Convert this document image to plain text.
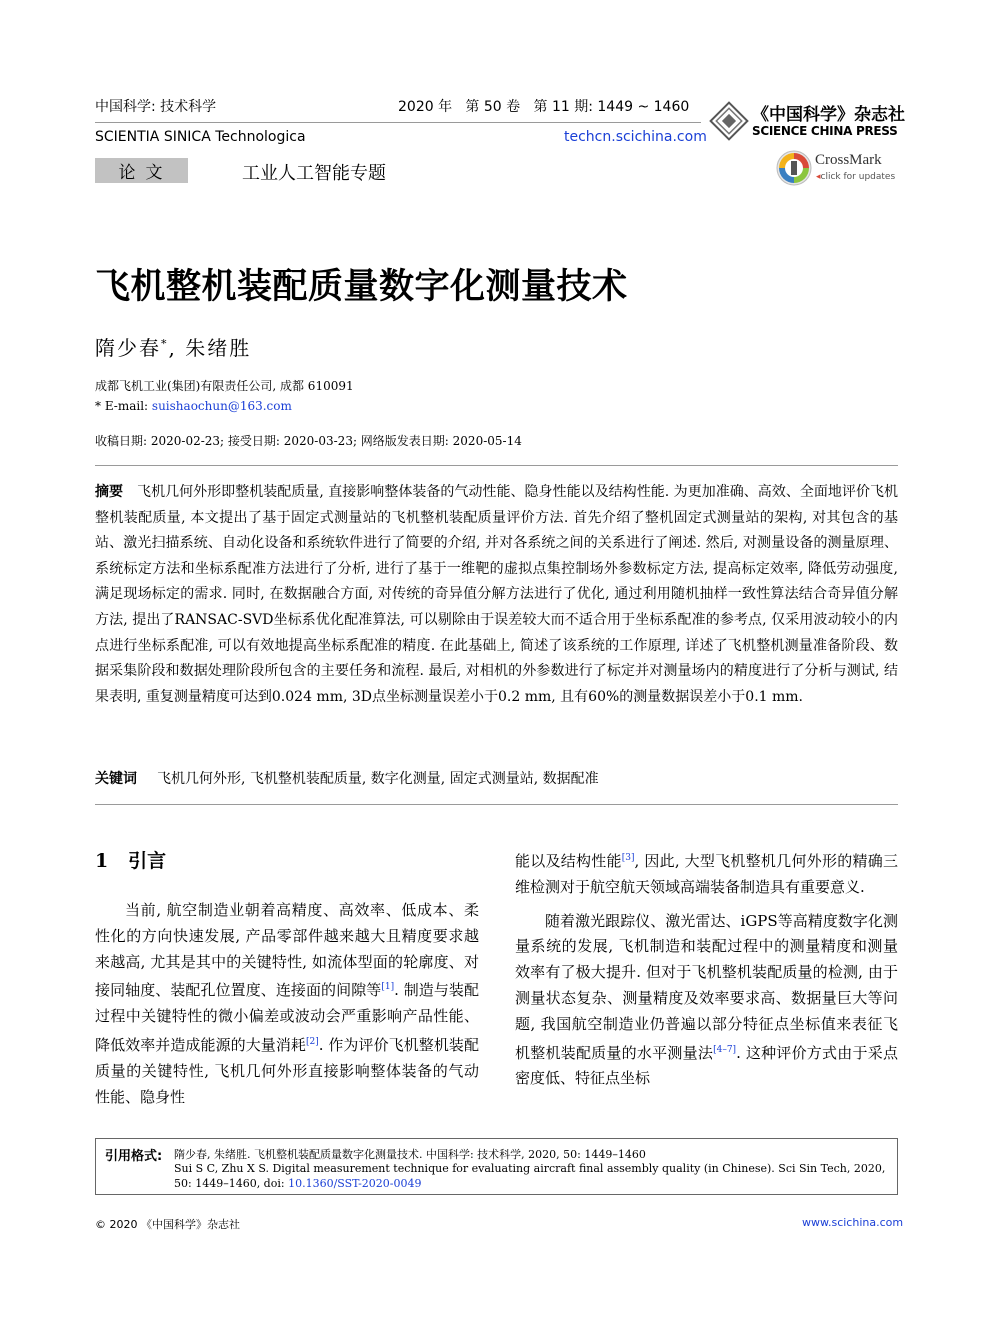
中国科学: 技术科学	2020 年   第 50 卷   第 11 期: 1449 ~ 1460
SCIENTIA SINICA Technologica	techcn.scichina.com
《中国科学》杂志社
SCIENCE CHINA PRESS
CrossMark
◂click for updates
论文	工业人工智能专题
飞机整机装配质量数字化测量技术
隋少春*, 朱绪胜
成都飞机工业(集团)有限责任公司, 成都 610091
* E-mail: suishaochun@163.com
收稿日期: 2020-02-23; 接受日期: 2020-03-23; 网络版发表日期: 2020-05-14
摘要 飞机几何外形即整机装配质量, 直接影响整体装备的气动性能、隐身性能以及结构性能. 为更加准确、高效、全面地评价飞机整机装配质量, 本文提出了基于固定式测量站的飞机整机装配质量评价方法. 首先介绍了整机固定式测量站的架构, 对其包含的基站、激光扫描系统、自动化设备和系统软件进行了简要的介绍, 并对各系统之间的关系进行了阐述. 然后, 对测量设备的测量原理、系统标定方法和坐标系配准方法进行了分析, 进行了基于一维靶的虚拟点集控制场外参数标定方法, 提高标定效率, 降低劳动强度, 满足现场标定的需求. 同时, 在数据融合方面, 对传统的奇异值分解方法进行了优化, 通过利用随机抽样一致性算法结合奇异值分解方法, 提出了RANSAC-SVD坐标系优化配准算法, 可以剔除由于误差较大而不适合用于坐标系配准的参考点, 仅采用波动较小的内点进行坐标系配准, 可以有效地提高坐标系配准的精度. 在此基础上, 简述了该系统的工作原理, 详述了飞机整机测量准备阶段、数据采集阶段和数据处理阶段所包含的主要任务和流程. 最后, 对相机的外参数进行了标定并对测量场内的精度进行了分析与测试, 结果表明, 重复测量精度可达到0.024 mm, 3D点坐标测量误差小于0.2 mm, 且有60%的测量数据误差小于0.1 mm.
关键词 飞机几何外形, 飞机整机装配质量, 数字化测量, 固定式测量站, 数据配准
1   引言

当前, 航空制造业朝着高精度、高效率、低成本、柔性化的方向快速发展, 产品零部件越来越大且精度要求越来越高, 尤其是其中的关键特性, 如流体型面的轮廓度、对接同轴度、装配孔位置度、连接面的间隙等[1]. 制造与装配过程中关键特性的微小偏差或波动会严重影响产品性能、降低效率并造成能源的大量消耗[2]. 作为评价飞机整机装配质量的关键特性, 飞机几何外形直接影响整体装备的气动性能、隐身性

能以及结构性能[3], 因此, 大型飞机整机几何外形的精确三维检测对于航空航天领域高端装备制造具有重要意义.

随着激光跟踪仪、激光雷达、iGPS等高精度数字化测量系统的发展, 飞机制造和装配过程中的测量精度和测量效率有了极大提升. 但对于飞机整机装配质量的检测, 由于测量状态复杂、测量精度及效率要求高、数据量巨大等问题, 我国航空制造业仍普遍以部分特征点坐标值来表征飞机整机装配质量的水平测量法[4–7]. 这种评价方式由于采点密度低、特征点坐标

引用格式: 隋少春, 朱绪胜. 飞机整机装配质量数字化测量技术. 中国科学: 技术科学, 2020, 50: 1449–1460
Sui S C, Zhu X S. Digital measurement technique for evaluating aircraft final assembly quality (in Chinese). Sci Sin Tech, 2020, 50: 1449–1460, doi: 10.1360/SST-2020-0049
© 2020 《中国科学》杂志社	www.scichina.com
